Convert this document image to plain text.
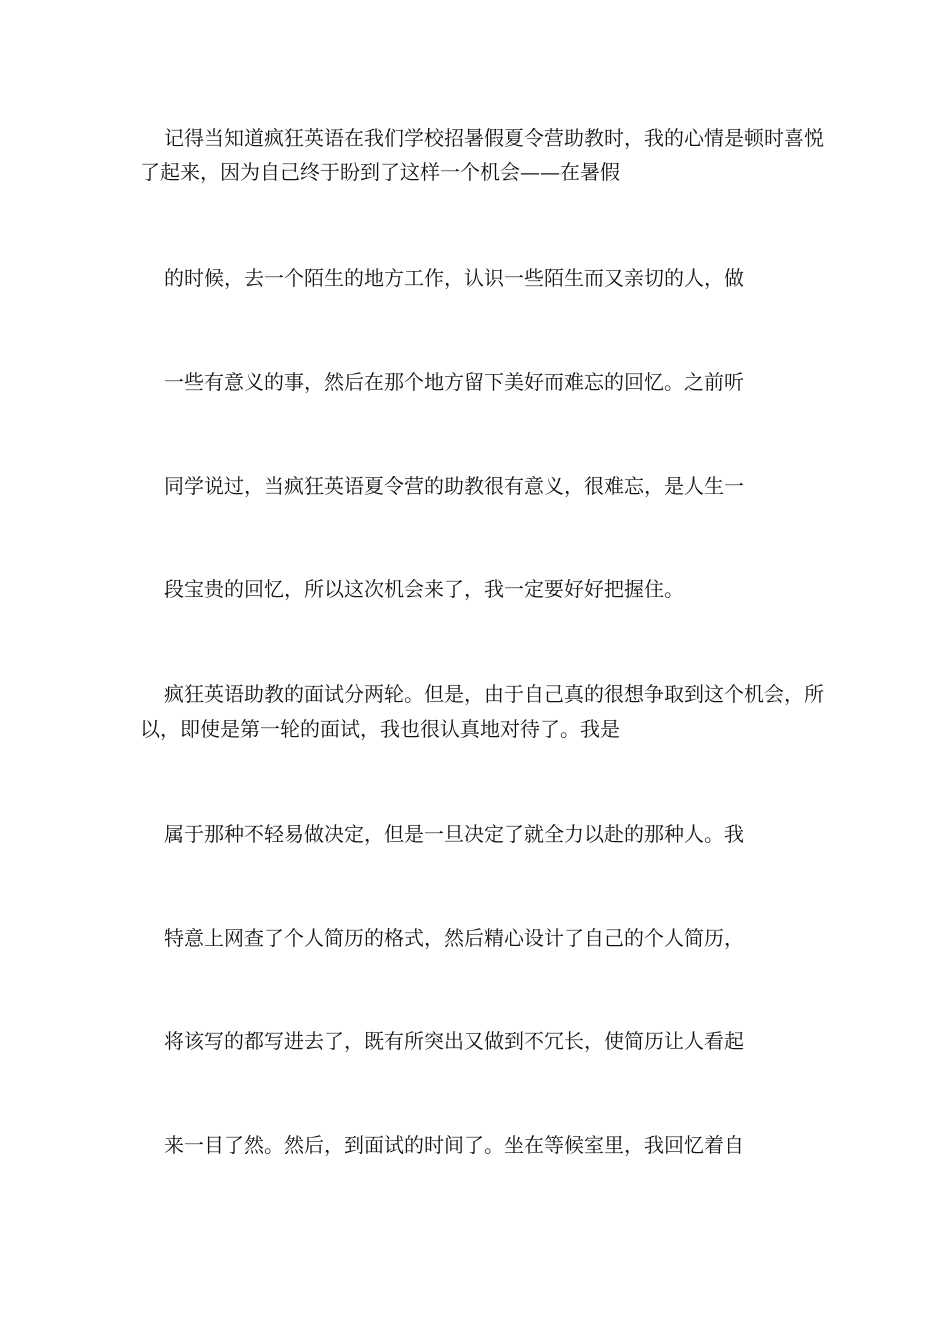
记得当知道疯狂英语在我们学校招暑假夏令营助教时，我的心情是顿时喜悦
了起来，因为自己终于盼到了这样一个机会——在暑假
的时候，去一个陌生的地方工作，认识一些陌生而又亲切的人，做
一些有意义的事，然后在那个地方留下美好而难忘的回忆。之前听
同学说过，当疯狂英语夏令营的助教很有意义，很难忘，是人生一
段宝贵的回忆，所以这次机会来了，我一定要好好把握住。
疯狂英语助教的面试分两轮。但是，由于自己真的很想争取到这个机会，所
以，即使是第一轮的面试，我也很认真地对待了。我是
属于那种不轻易做决定，但是一旦决定了就全力以赴的那种人。我
特意上网查了个人简历的格式，然后精心设计了自己的个人简历，
将该写的都写进去了，既有所突出又做到不冗长，使简历让人看起
来一目了然。然后，到面试的时间了。坐在等候室里，我回忆着自
